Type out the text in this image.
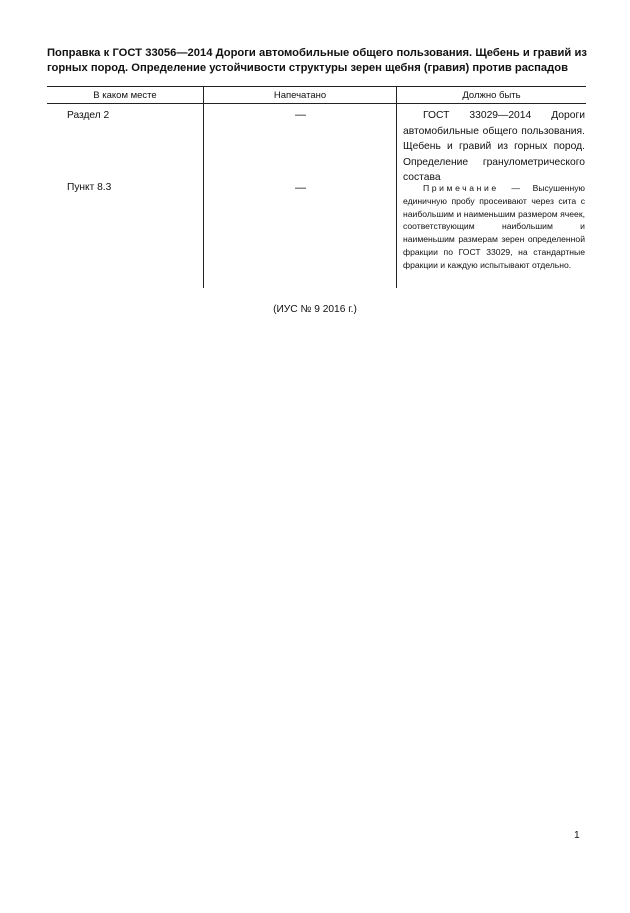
Поправка к ГОСТ 33056—2014 Дороги автомобильные общего пользования. Щебень и гравий из горных пород. Определение устойчивости структуры зерен щебня (гравия) против распадов
В каком месте	Напечатано	Должно быть
Раздел 2	—	ГОСТ 33029—2014 Дороги автомобильные общего пользования. Щебень и гравий из горных пород. Определение гранулометрического состава
Пункт 8.3	—	Примечание — Высушенную единичную пробу просеивают через сита с наибольшим и наименьшим размером ячеек, соответствующим наибольшим и наименьшим размерам зерен определенной фракции по ГОСТ 33029, на стандартные фракции и каждую испытывают отдельно.
(ИУС № 9 2016 г.)
1
